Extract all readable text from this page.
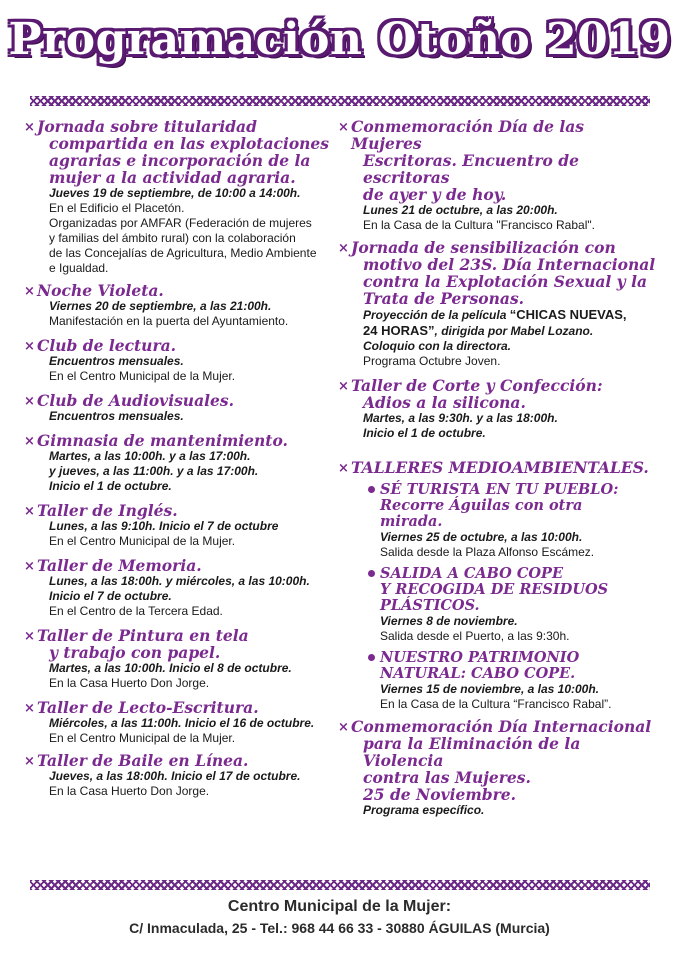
Programación Otoño 2019
× Jornada sobre titularidad
compartida en las explotaciones
agrarias e incorporación de la
mujer a la actividad agraria.
Jueves 19 de septiembre, de 10:00 a 14:00h.
En el Edificio el Placetón.
Organizadas por AMFAR (Federación de mujeres
y familias del ámbito rural) con la colaboración
de las Concejalías de Agricultura, Medio Ambiente
e Igualdad.
× Noche Violeta.
Viernes 20 de septiembre, a las 21:00h.
Manifestación en la puerta del Ayuntamiento.
× Club de lectura.
Encuentros mensuales.
En el Centro Municipal de la Mujer.
× Club de Audiovisuales.
Encuentros mensuales.
× Gimnasia de mantenimiento.
Martes, a las 10:00h. y a las 17:00h.
y jueves, a las 11:00h. y a las 17:00h.
Inicio el 1 de octubre.
× Taller de Inglés.
Lunes, a las 9:10h. Inicio el 7 de octubre
En el Centro Municipal de la Mujer.
× Taller de Memoria.
Lunes, a las 18:00h. y miércoles, a las 10:00h.
Inicio el 7 de octubre.
En el Centro de la Tercera Edad.
× Taller de Pintura en tela
y trabajo con papel.
Martes, a las 10:00h. Inicio el 8 de octubre.
En la Casa Huerto Don Jorge.
× Taller de Lecto-Escritura.
Miércoles, a las 11:00h. Inicio el 16 de octubre.
En el Centro Municipal de la Mujer.
× Taller de Baile en Línea.
Jueves, a las 18:00h. Inicio el 17 de octubre.
En la Casa Huerto Don Jorge.
× Conmemoración Día de las Mujeres
Escritoras. Encuentro de escritoras
de ayer y de hoy.
Lunes 21 de octubre, a las 20:00h.
En la Casa de la Cultura "Francisco Rabal".
× Jornada de sensibilización con
motivo del 23S. Día Internacional
contra la Explotación Sexual y la
Trata de Personas.
Proyección de la película “CHICAS NUEVAS,
24 HORAS”, dirigida por Mabel Lozano.
Coloquio con la directora.
Programa Octubre Joven.
× Taller de Corte y Confección:
Adios a la silicona.
Martes, a las 9:30h. y a las 18:00h.
Inicio el 1 de octubre.
× TALLERES MEDIOAMBIENTALES.
SÉ TURISTA EN TU PUEBLO:
Recorre Águilas con otra
mirada.
Viernes 25 de octubre, a las 10:00h.
Salida desde la Plaza Alfonso Escámez.
SALIDA A CABO COPE
Y RECOGIDA DE RESIDUOS
PLÁSTICOS.
Viernes 8 de noviembre.
Salida desde el Puerto, a las 9:30h.
NUESTRO PATRIMONIO
NATURAL: CABO COPE.
Viernes 15 de noviembre, a las 10:00h.
En la Casa de la Cultura “Francisco Rabal”.
× Conmemoración Día Internacional
para la Eliminación de la Violencia
contra las Mujeres.
25 de Noviembre.
Programa específico.
Centro Municipal de la Mujer:
C/ Inmaculada, 25 - Tel.: 968 44 66 33 - 30880 ÁGUILAS (Murcia)
